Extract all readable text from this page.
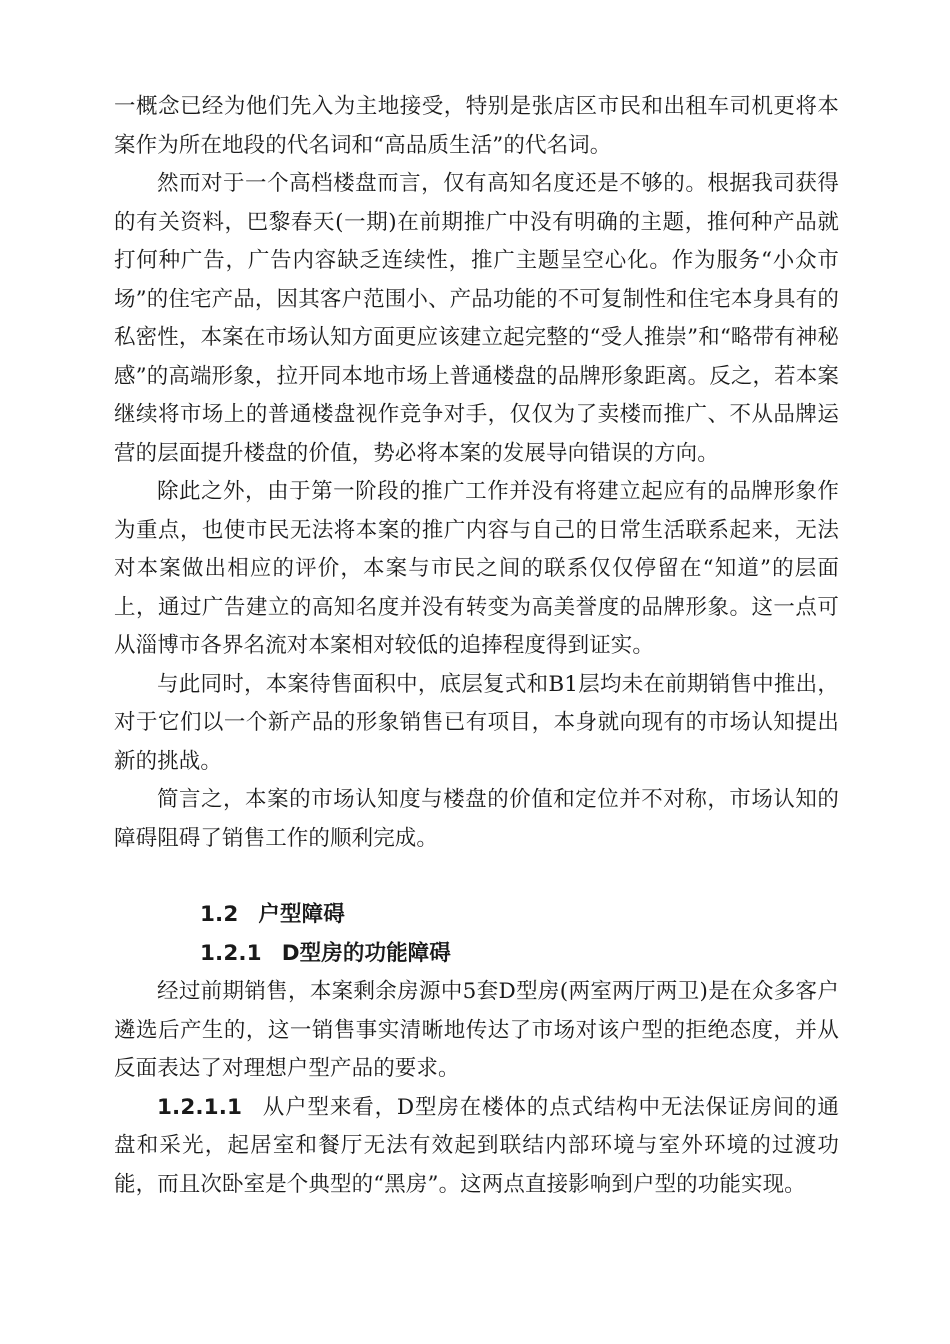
一概念已经为他们先入为主地接受，特别是张店区市民和出租车司机更将本案作为所在地段的代名词和“高品质生活”的代名词。

然而对于一个高档楼盘而言，仅有高知名度还是不够的。根据我司获得的有关资料，巴黎春天(一期)在前期推广中没有明确的主题，推何种产品就打何种广告，广告内容缺乏连续性，推广主题呈空心化。作为服务“小众市场”的住宅产品，因其客户范围小、产品功能的不可复制性和住宅本身具有的私密性，本案在市场认知方面更应该建立起完整的“受人推崇”和“略带有神秘感”的高端形象，拉开同本地市场上普通楼盘的品牌形象距离。反之，若本案继续将市场上的普通楼盘视作竞争对手，仅仅为了卖楼而推广、不从品牌运营的层面提升楼盘的价值，势必将本案的发展导向错误的方向。

除此之外，由于第一阶段的推广工作并没有将建立起应有的品牌形象作为重点，也使市民无法将本案的推广内容与自己的日常生活联系起来，无法对本案做出相应的评价，本案与市民之间的联系仅仅停留在“知道”的层面上，通过广告建立的高知名度并没有转变为高美誉度的品牌形象。这一点可从淄博市各界名流对本案相对较低的追捧程度得到证实。

与此同时，本案待售面积中，底层复式和B1层均未在前期销售中推出，对于它们以一个新产品的形象销售已有项目，本身就向现有的市场认知提出新的挑战。

简言之，本案的市场认知度与楼盘的价值和定位并不对称，市场认知的障碍阻碍了销售工作的顺利完成。

1.2 户型障碍

1.2.1 D型房的功能障碍

经过前期销售，本案剩余房源中5套D型房(两室两厅两卫)是在众多客户遴选后产生的，这一销售事实清晰地传达了市场对该户型的拒绝态度，并从反面表达了对理想户型产品的要求。

1.2.1.1 从户型来看，D型房在楼体的点式结构中无法保证房间的通盘和采光，起居室和餐厅无法有效起到联结内部环境与室外环境的过渡功能，而且次卧室是个典型的“黑房”。这两点直接影响到户型的功能实现。
